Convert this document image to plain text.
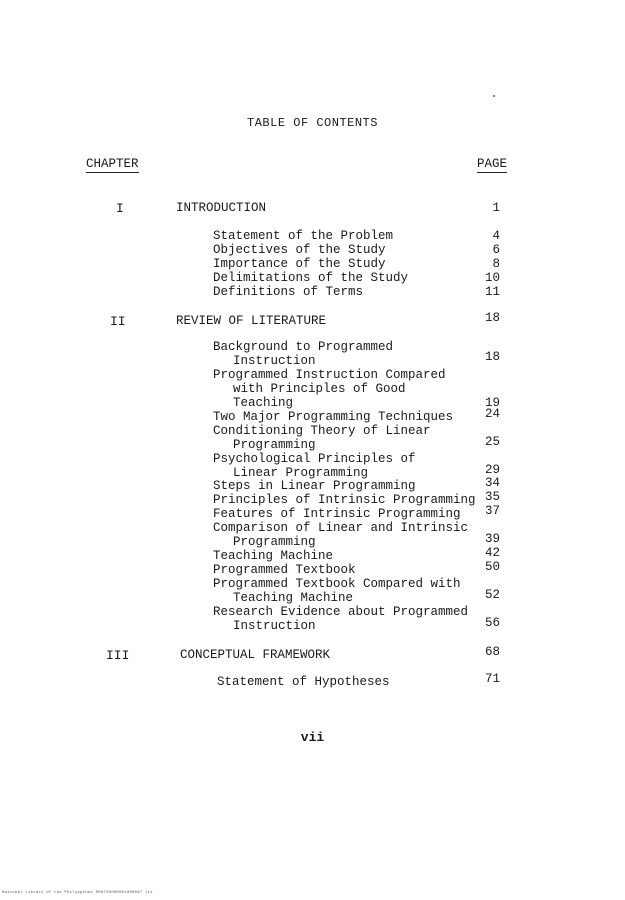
TABLE OF CONTENTS
CHAPTER	PAGE
I	INTRODUCTION	1
Statement of the Problem	4
Objectives of the Study	6
Importance of the Study	8
Delimitations of the Study	10
Definitions of Terms	11
II	REVIEW OF LITERATURE	18
Background to Programmed
Instruction	18
Programmed Instruction Compared
with Principles of Good
Teaching	19
Two Major Programming Techniques	24
Conditioning Theory of Linear
Programming	25
Psychological Principles of
Linear Programming	29
Steps in Linear Programming	34
Principles of Intrinsic Programming 35
Features of Intrinsic Programming	37
Comparison of Linear and Intrinsic
Programming	39
Teaching Machine	42
Programmed Textbook	50
Programmed Textbook Compared with
Teaching Machine	52
Research Evidence about Programmed
Instruction	56
III	CONCEPTUAL FRAMEWORK	68
Statement of Hypotheses	71
vii
National Library of the Philippines RS0720000001000097 lii
